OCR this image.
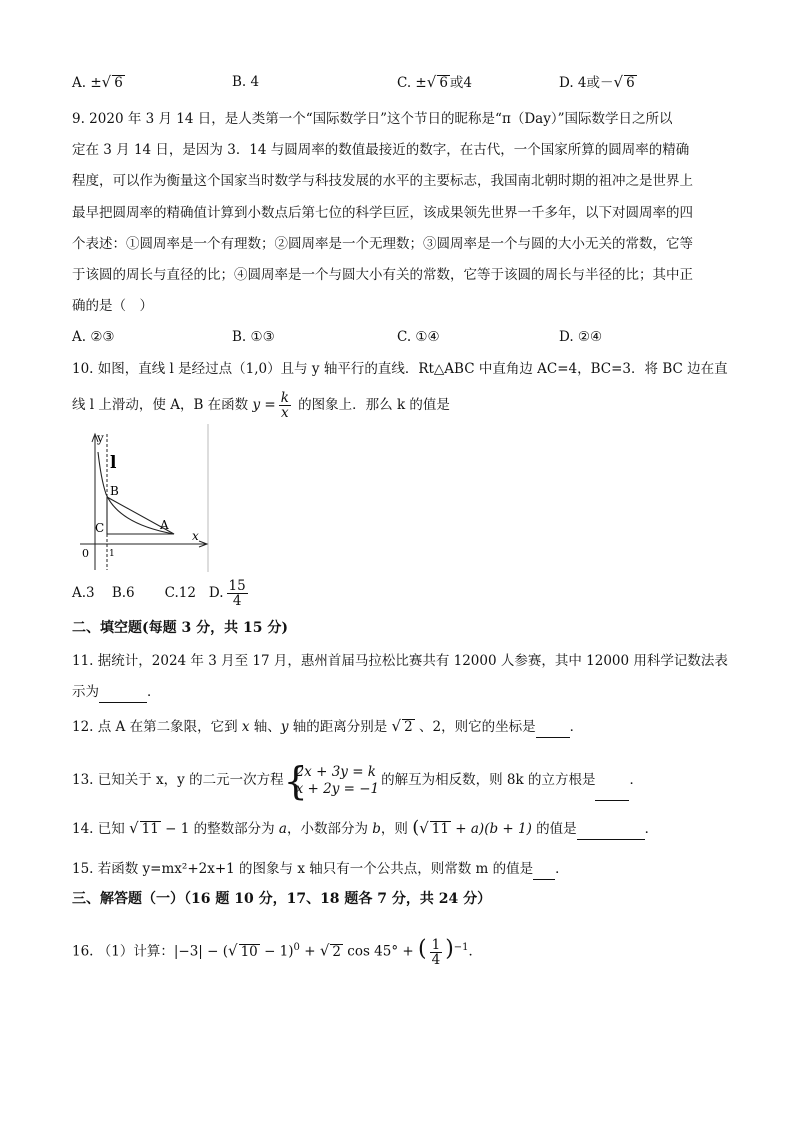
A. ±√ 6	B. 4	C. ±√ 6 或4	D. 4或－√ 6
9. 2020 年 3 月 14 日，是人类第一个“国际数学日”这个节日的昵称是“π（Day）”国际数学日之所以
定在 3 月 14 日，是因为 3．14 与圆周率的数值最接近的数字，在古代，一个国家所算的圆周率的精确
程度，可以作为衡量这个国家当时数学与科技发展的水平的主要标志，我国南北朝时期的祖冲之是世界上
最早把圆周率的精确值计算到小数点后第七位的科学巨匠，该成果领先世界一千多年，以下对圆周率的四
个表述：①圆周率是一个有理数；②圆周率是一个无理数；③圆周率是一个与圆的大小无关的常数，它等
于该圆的周长与直径的比；④圆周率是一个与圆大小有关的常数，它等于该圆的周长与半径的比；其中正
确的是（　）
A. ②③	B. ①③	C. ①④	D. ②④
10. 如图，直线 l 是经过点（1,0）且与 y 轴平行的直线．Rt△ABC 中直角边 AC=4，BC=3．将 BC 边在直
线 l 上滑动，使 A，B 在函数 $y = \frac{k}{x}$ 的图象上．那么 k 的值是
y
x
l
B
C	A
0 1
A.3 B.6 C.12 D. $\frac{15}{4}$
二、填空题(每题 3 分，共 15 分)
11. 据统计，2024 年 3 月至 17 月，惠州首届马拉松比赛共有 12000 人参赛，其中 12000 用科学记数法表
示为	．
12. 点 A 在第二象限，它到 x 轴、y 轴的距离分别是 √ 2 、2，则它的坐标是	．
13. 已知关于 x，y 的二元一次方程
{ 2x + 3y = k
x + 2y = −1
的解互为相反数，则 8k 的立方根是	．
14. 已知 √ 11 − 1 的整数部分为 a，小数部分为 b，则 (√ 11 + a)(b + 1) 的值是	．
15. 若函数 y=mx²+2x+1 的图象与 x 轴只有一个公共点，则常数 m 的值是 ．
三、解答题（一）（16 题 10 分，17、18 题各 7 分，共 24 分）
16. （1）计算：|−3| − (√ 10 − 1)$^0$ + √ 2 cos 45° + ( $\frac{1}{4} )^{-1}$．
